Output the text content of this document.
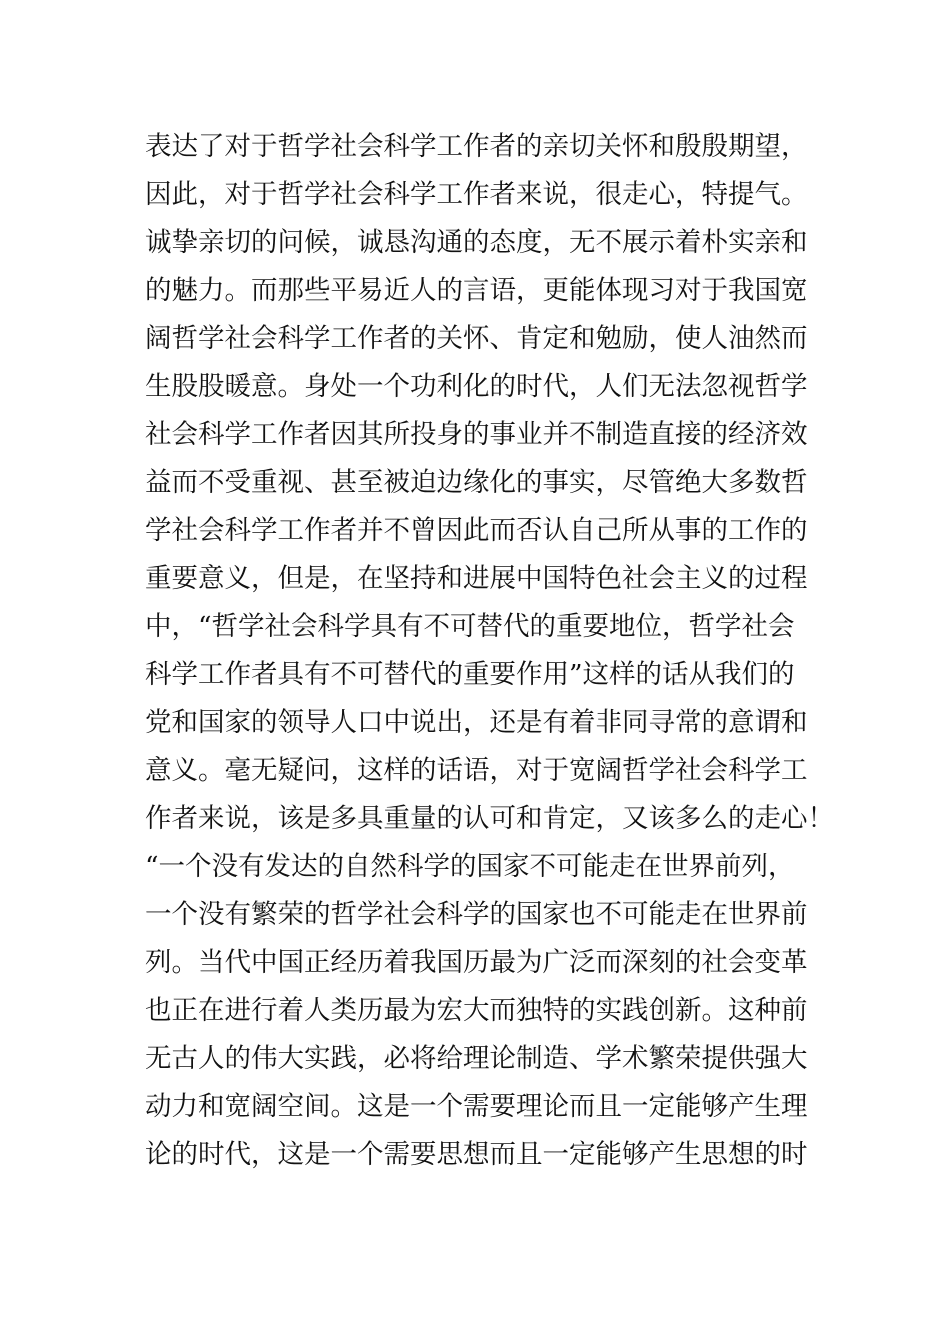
表达了对于哲学社会科学工作者的亲切关怀和殷殷期望，
因此，对于哲学社会科学工作者来说，很走心，特提气。
诚挚亲切的问候，诚恳沟通的态度，无不展示着朴实亲和
的魅力。而那些平易近人的言语，更能体现习对于我国宽
阔哲学社会科学工作者的关怀、肯定和勉励，使人油然而
生股股暖意。身处一个功利化的时代，人们无法忽视哲学
社会科学工作者因其所投身的事业并不制造直接的经济效
益而不受重视、甚至被迫边缘化的事实，尽管绝大多数哲
学社会科学工作者并不曾因此而否认自己所从事的工作的
重要意义，但是，在坚持和进展中国特色社会主义的过程
中，“哲学社会科学具有不可替代的重要地位，哲学社会
科学工作者具有不可替代的重要作用”这样的话从我们的
党和国家的领导人口中说出，还是有着非同寻常的意谓和
意义。毫无疑问，这样的话语，对于宽阔哲学社会科学工
作者来说，该是多具重量的认可和肯定，又该多么的走心！
“一个没有发达的自然科学的国家不可能走在世界前列，
一个没有繁荣的哲学社会科学的国家也不可能走在世界前
列。当代中国正经历着我国历最为广泛而深刻的社会变革
也正在进行着人类历最为宏大而独特的实践创新。这种前
无古人的伟大实践，必将给理论制造、学术繁荣提供强大
动力和宽阔空间。这是一个需要理论而且一定能够产生理
论的时代，这是一个需要思想而且一定能够产生思想的时
